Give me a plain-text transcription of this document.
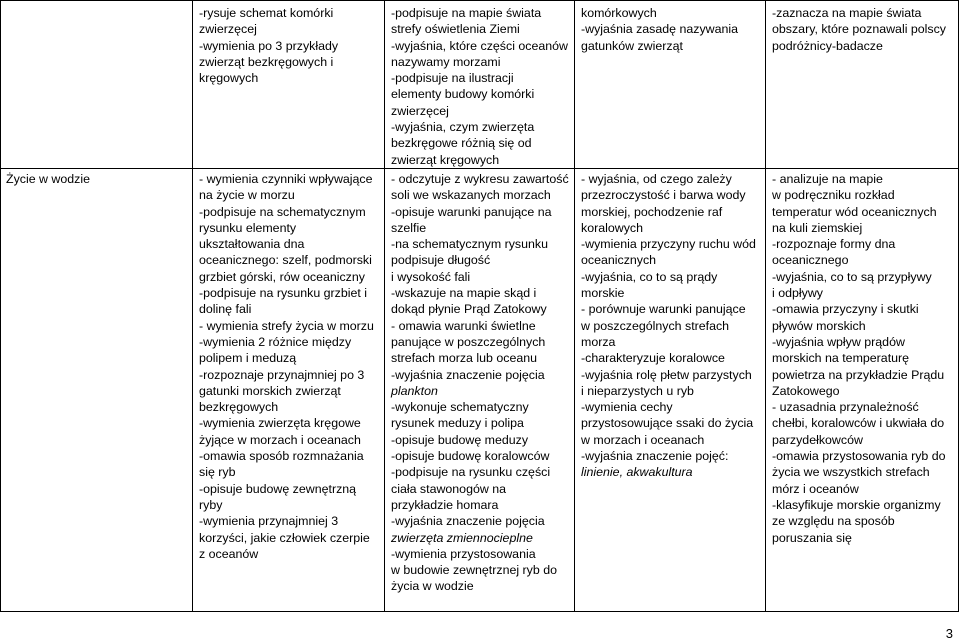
-rysuje schemat komórki
zwierzęcej
-wymienia po 3 przykłady
zwierząt bezkręgowych i
kręgowych
-podpisuje na mapie świata
strefy oświetlenia Ziemi
-wyjaśnia, które części oceanów
nazywamy morzami
-podpisuje na ilustracji
elementy budowy komórki
zwierzęcej
-wyjaśnia, czym zwierzęta
bezkręgowe różnią się od
zwierząt kręgowych
komórkowych
-wyjaśnia zasadę nazywania
gatunków zwierząt
-zaznacza na mapie świata
obszary, które poznawali polscy
podróżnicy-badacze
Życie w wodzie	- wymienia czynniki wpływające
na życie w morzu
-podpisuje na schematycznym
rysunku elementy
ukształtowania dna
oceanicznego: szelf, podmorski
grzbiet górski, rów oceaniczny
-podpisuje na rysunku grzbiet i
dolinę fali
- wymienia strefy życia w morzu
-wymienia 2 różnice między
polipem i meduzą
-rozpoznaje przynajmniej po 3
gatunki morskich zwierząt
bezkręgowych
-wymienia zwierzęta kręgowe
żyjące w morzach i oceanach
-omawia sposób rozmnażania
się ryb
-opisuje budowę zewnętrzną
ryby
-wymienia przynajmniej 3
korzyści, jakie człowiek czerpie
z oceanów
- odczytuje z wykresu zawartość
soli we wskazanych morzach
-opisuje warunki panujące na
szelfie
-na schematycznym rysunku
podpisuje długość
i wysokość fali
-wskazuje na mapie skąd i
dokąd płynie Prąd Zatokowy
- omawia warunki świetlne
panujące w poszczególnych
strefach morza lub oceanu
-wyjaśnia znaczenie pojęcia
plankton
-wykonuje schematyczny
rysunek meduzy i polipa
-opisuje budowę meduzy
-opisuje budowę koralowców
-podpisuje na rysunku części
ciała stawonogów na
przykładzie homara
-wyjaśnia znaczenie pojęcia
zwierzęta zmiennocieplne
-wymienia przystosowania
w budowie zewnętrznej ryb do
życia w wodzie
- wyjaśnia, od czego zależy
przezroczystość i barwa wody
morskiej, pochodzenie raf
koralowych
-wymienia przyczyny ruchu wód
oceanicznych
-wyjaśnia, co to są prądy
morskie
- porównuje warunki panujące
w poszczególnych strefach
morza
-charakteryzuje koralowce
-wyjaśnia rolę płetw parzystych
i nieparzystych u ryb
-wymienia cechy
przystosowujące ssaki do życia
w morzach i oceanach
-wyjaśnia znaczenie pojęć:
linienie, akwakultura
- analizuje na mapie
w podręczniku rozkład
temperatur wód oceanicznych
na kuli ziemskiej
-rozpoznaje formy dna
oceanicznego
-wyjaśnia, co to są przypływy
i odpływy
-omawia przyczyny i skutki
pływów morskich
-wyjaśnia wpływ prądów
morskich na temperaturę
powietrza na przykładzie Prądu
Zatokowego
- uzasadnia przynależność
chełbi, koralowców i ukwiała do
parzydełkowców
-omawia przystosowania ryb do
życia we wszystkich strefach
mórz i oceanów
-klasyfikuje morskie organizmy
ze względu na sposób
poruszania się
3
